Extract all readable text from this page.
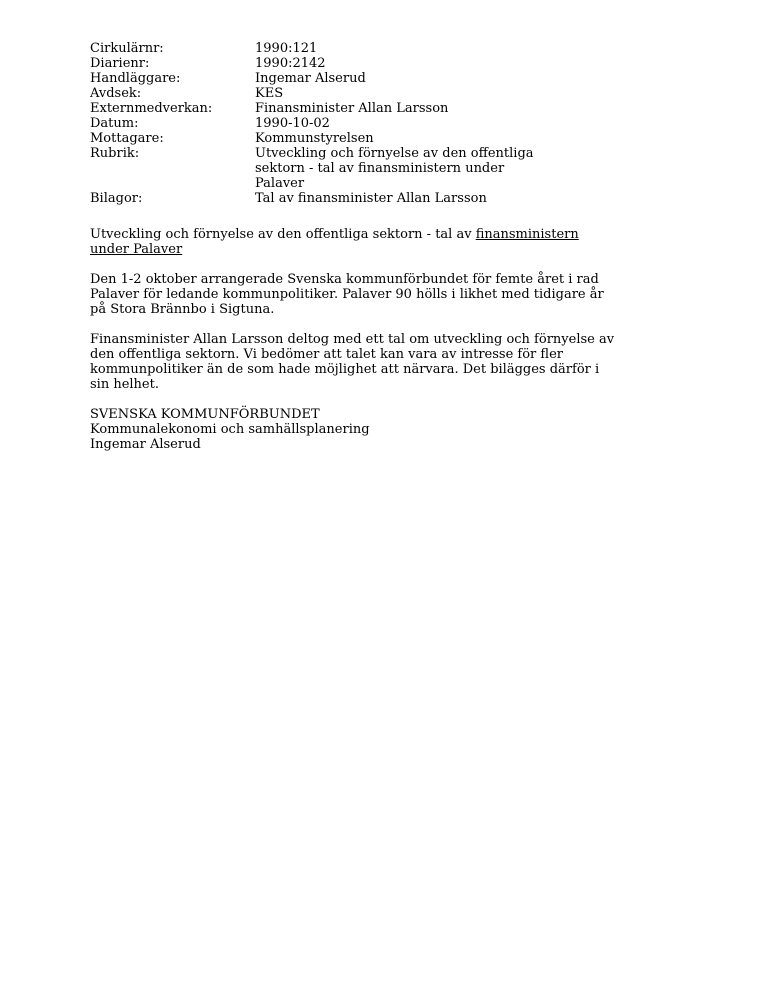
Cirkulärnr:	1990:121
Diarienr:	1990:2142
Handläggare:	Ingemar Alserud
Avdsek:	KES
Externmedverkan:	Finansminister Allan Larsson
Datum:	1990-10-02
Mottagare:	Kommunstyrelsen
Rubrik:	Utveckling och förnyelse av den offentliga sektorn - tal av finansministern under Palaver
Bilagor:	Tal av finansminister Allan Larsson

Utveckling och förnyelse av den offentliga sektorn - tal av finansministern under Palaver

Den 1-2 oktober arrangerade Svenska kommunförbundet för femte året i rad Palaver för ledande kommunpolitiker. Palaver 90 hölls i likhet med tidigare år på Stora Brännbo i Sigtuna.

Finansminister Allan Larsson deltog med ett tal om utveckling och förnyelse av den offentliga sektorn. Vi bedömer att talet kan vara av intresse för fler kommunpolitiker än de som hade möjlighet att närvara. Det bilägges därför i sin helhet.

SVENSKA KOMMUNFÖRBUNDET
Kommunalekonomi och samhällsplanering

Ingemar Alserud
